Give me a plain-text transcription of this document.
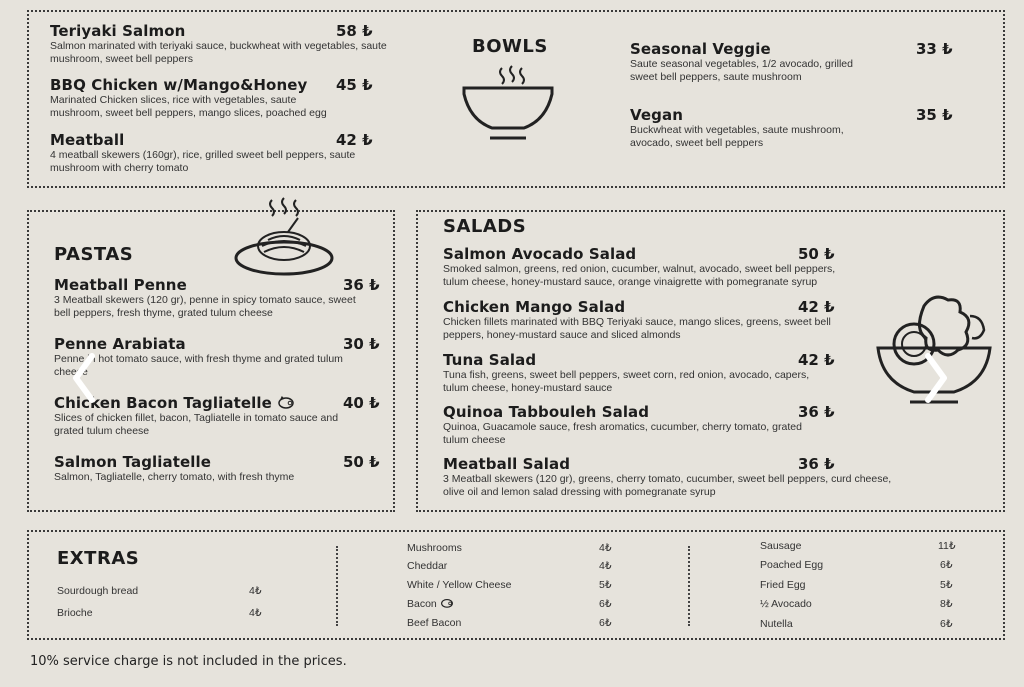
Teriyaki Salmon
Salmon marinated with teriyaki sauce, buckwheat with vegetables, saute mushroom, sweet bell peppers
58 ₺
BBQ Chicken w/Mango&Honey
Marinated Chicken slices, rice with vegetables, saute mushroom, sweet bell peppers, mango slices, poached egg
45 ₺
Meatball
4 meatball skewers (160gr), rice, grilled sweet bell peppers, saute mushroom with cherry tomato
42 ₺
BOWLS	Seasonal Veggie
Saute seasonal vegetables, 1/2 avocado, grilled sweet bell peppers, saute mushroom
33 ₺
Vegan
Buckwheat with vegetables, saute mushroom, avocado, sweet bell peppers
35 ₺
PASTAS
Meatball Penne
3 Meatball skewers (120 gr), penne in spicy tomato sauce, sweet bell peppers, fresh thyme, grated tulum cheese
36 ₺
Penne Arabiata
Penne in hot tomato sauce, with fresh thyme and grated tulum cheese
30 ₺
Chicken Bacon Tagliatelle
Slices of chicken fillet, bacon, Tagliatelle in tomato sauce and grated tulum cheese
40 ₺
Salmon Tagliatelle
Salmon, Tagliatelle, cherry tomato, with fresh thyme
50 ₺
SALADS
Salmon Avocado Salad
Smoked salmon, greens, red onion, cucumber, walnut, avocado, sweet bell peppers, tulum cheese, honey-mustard sauce, orange vinaigrette with pomegranate syrup
50 ₺
Chicken Mango Salad
Chicken fillets marinated with BBQ Teriyaki sauce, mango slices, greens, sweet bell peppers, honey-mustard sauce and sliced almonds
42 ₺
Tuna Salad
Tuna fish, greens, sweet bell peppers, sweet corn, red onion, avocado, capers, tulum cheese, honey-mustard sauce
42 ₺
Quinoa Tabbouleh Salad
Quinoa, Guacamole sauce, fresh aromatics, cucumber, cherry tomato, grated tulum cheese
36 ₺
Meatball Salad
3 Meatball skewers (120 gr), greens, cherry tomato, cucumber, sweet bell peppers, curd cheese, olive oil and lemon salad dressing with pomegranate syrup
36 ₺
EXTRAS
Sourdough bread	4₺
Brioche	4₺
Mushrooms	4₺
Cheddar	4₺
White / Yellow Cheese	5₺
Bacon	6₺
Beef Bacon	6₺
Sausage	11₺
Poached Egg	6₺
Fried Egg	5₺
½ Avocado	8₺
Nutella	6₺
10% service charge is not included in the prices.
